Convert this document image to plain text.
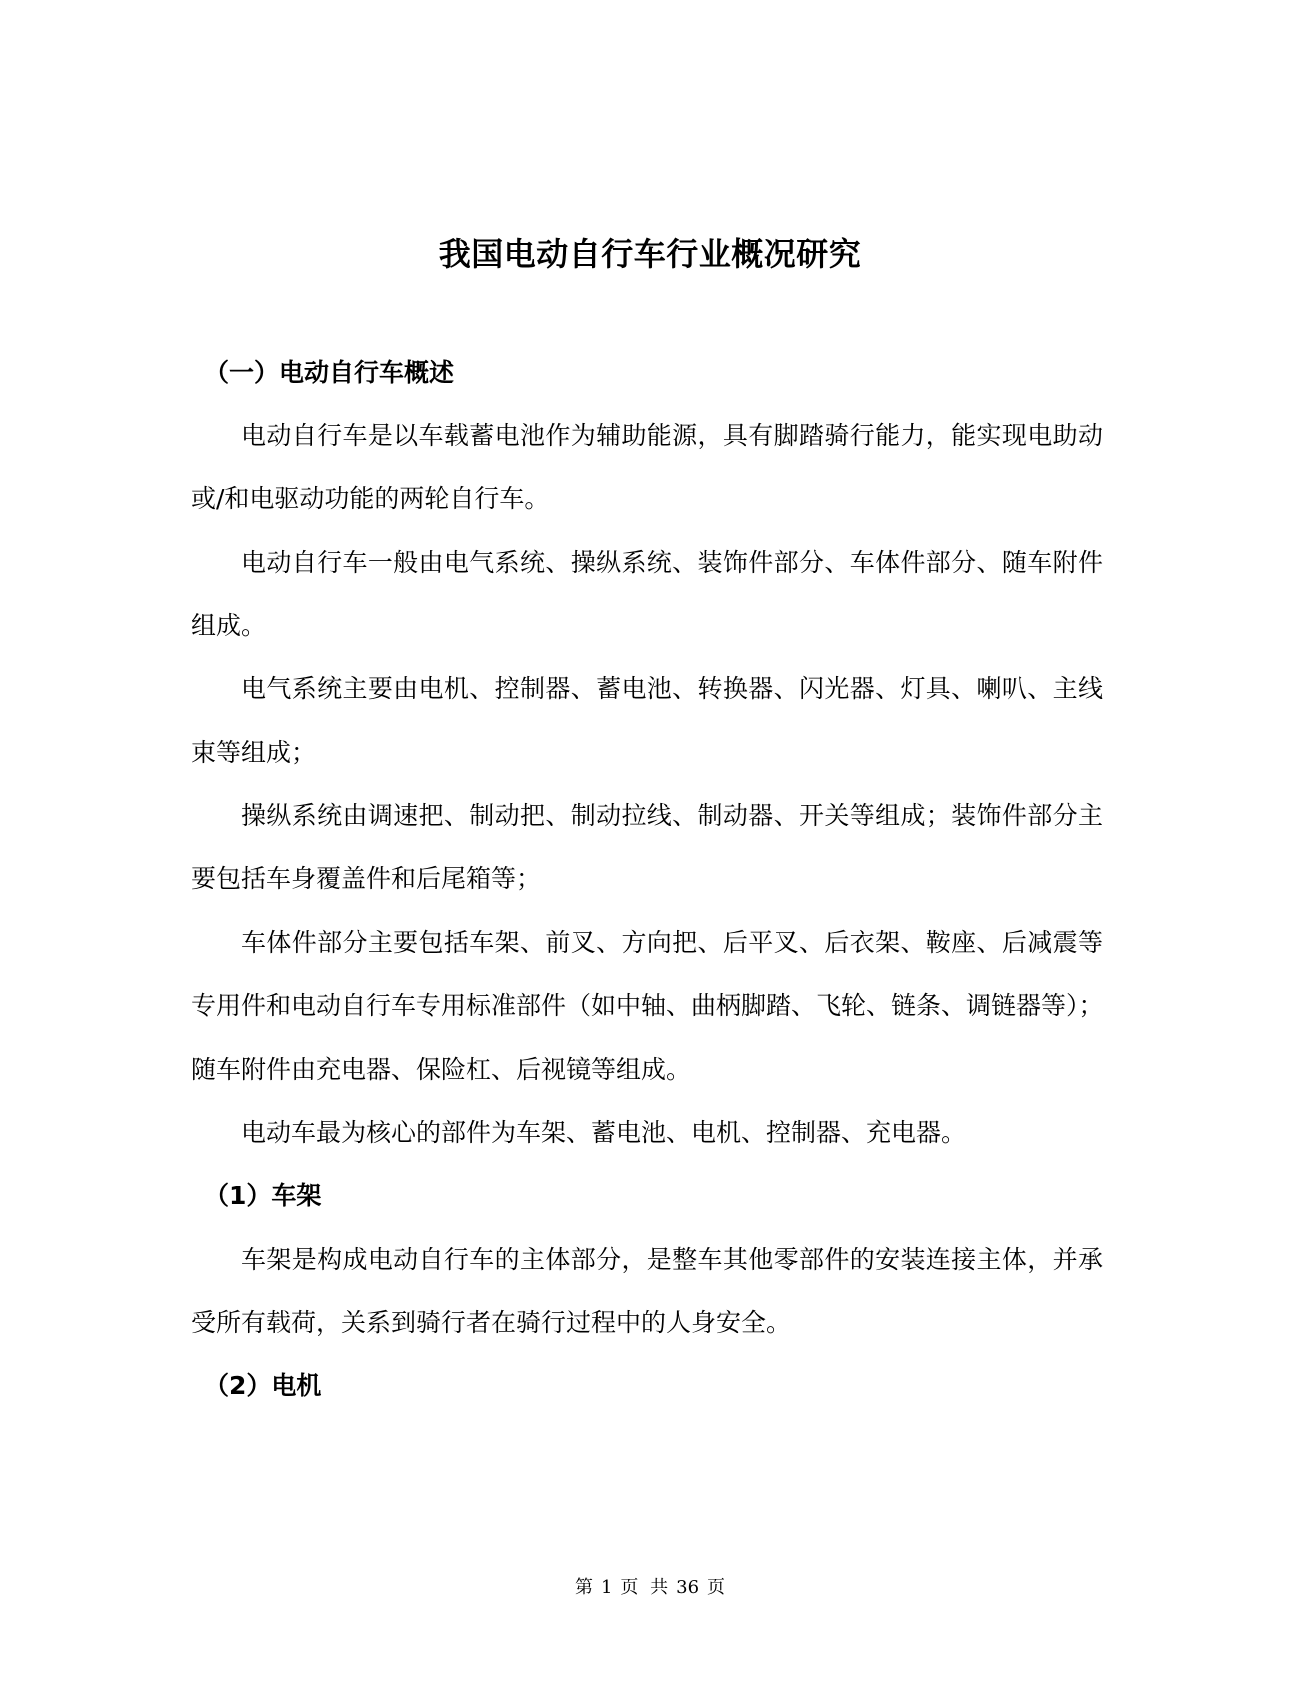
我国电动自行车行业概况研究
（一）电动自行车概述
电动自行车是以车载蓄电池作为辅助能源，具有脚踏骑行能力，能实现电助动
或/和电驱动功能的两轮自行车。
电动自行车一般由电气系统、操纵系统、装饰件部分、车体件部分、随车附件
组成。
电气系统主要由电机、控制器、蓄电池、转换器、闪光器、灯具、喇叭、主线
束等组成；
操纵系统由调速把、制动把、制动拉线、制动器、开关等组成；装饰件部分主
要包括车身覆盖件和后尾箱等；
车体件部分主要包括车架、前叉、方向把、后平叉、后衣架、鞍座、后减震等
专用件和电动自行车专用标准部件（如中轴、曲柄脚踏、飞轮、链条、调链器等）；
随车附件由充电器、保险杠、后视镜等组成。
电动车最为核心的部件为车架、蓄电池、电机、控制器、充电器。
（1）车架
车架是构成电动自行车的主体部分，是整车其他零部件的安装连接主体，并承
受所有载荷，关系到骑行者在骑行过程中的人身安全。
（2）电机
第 1 页 共 36 页
